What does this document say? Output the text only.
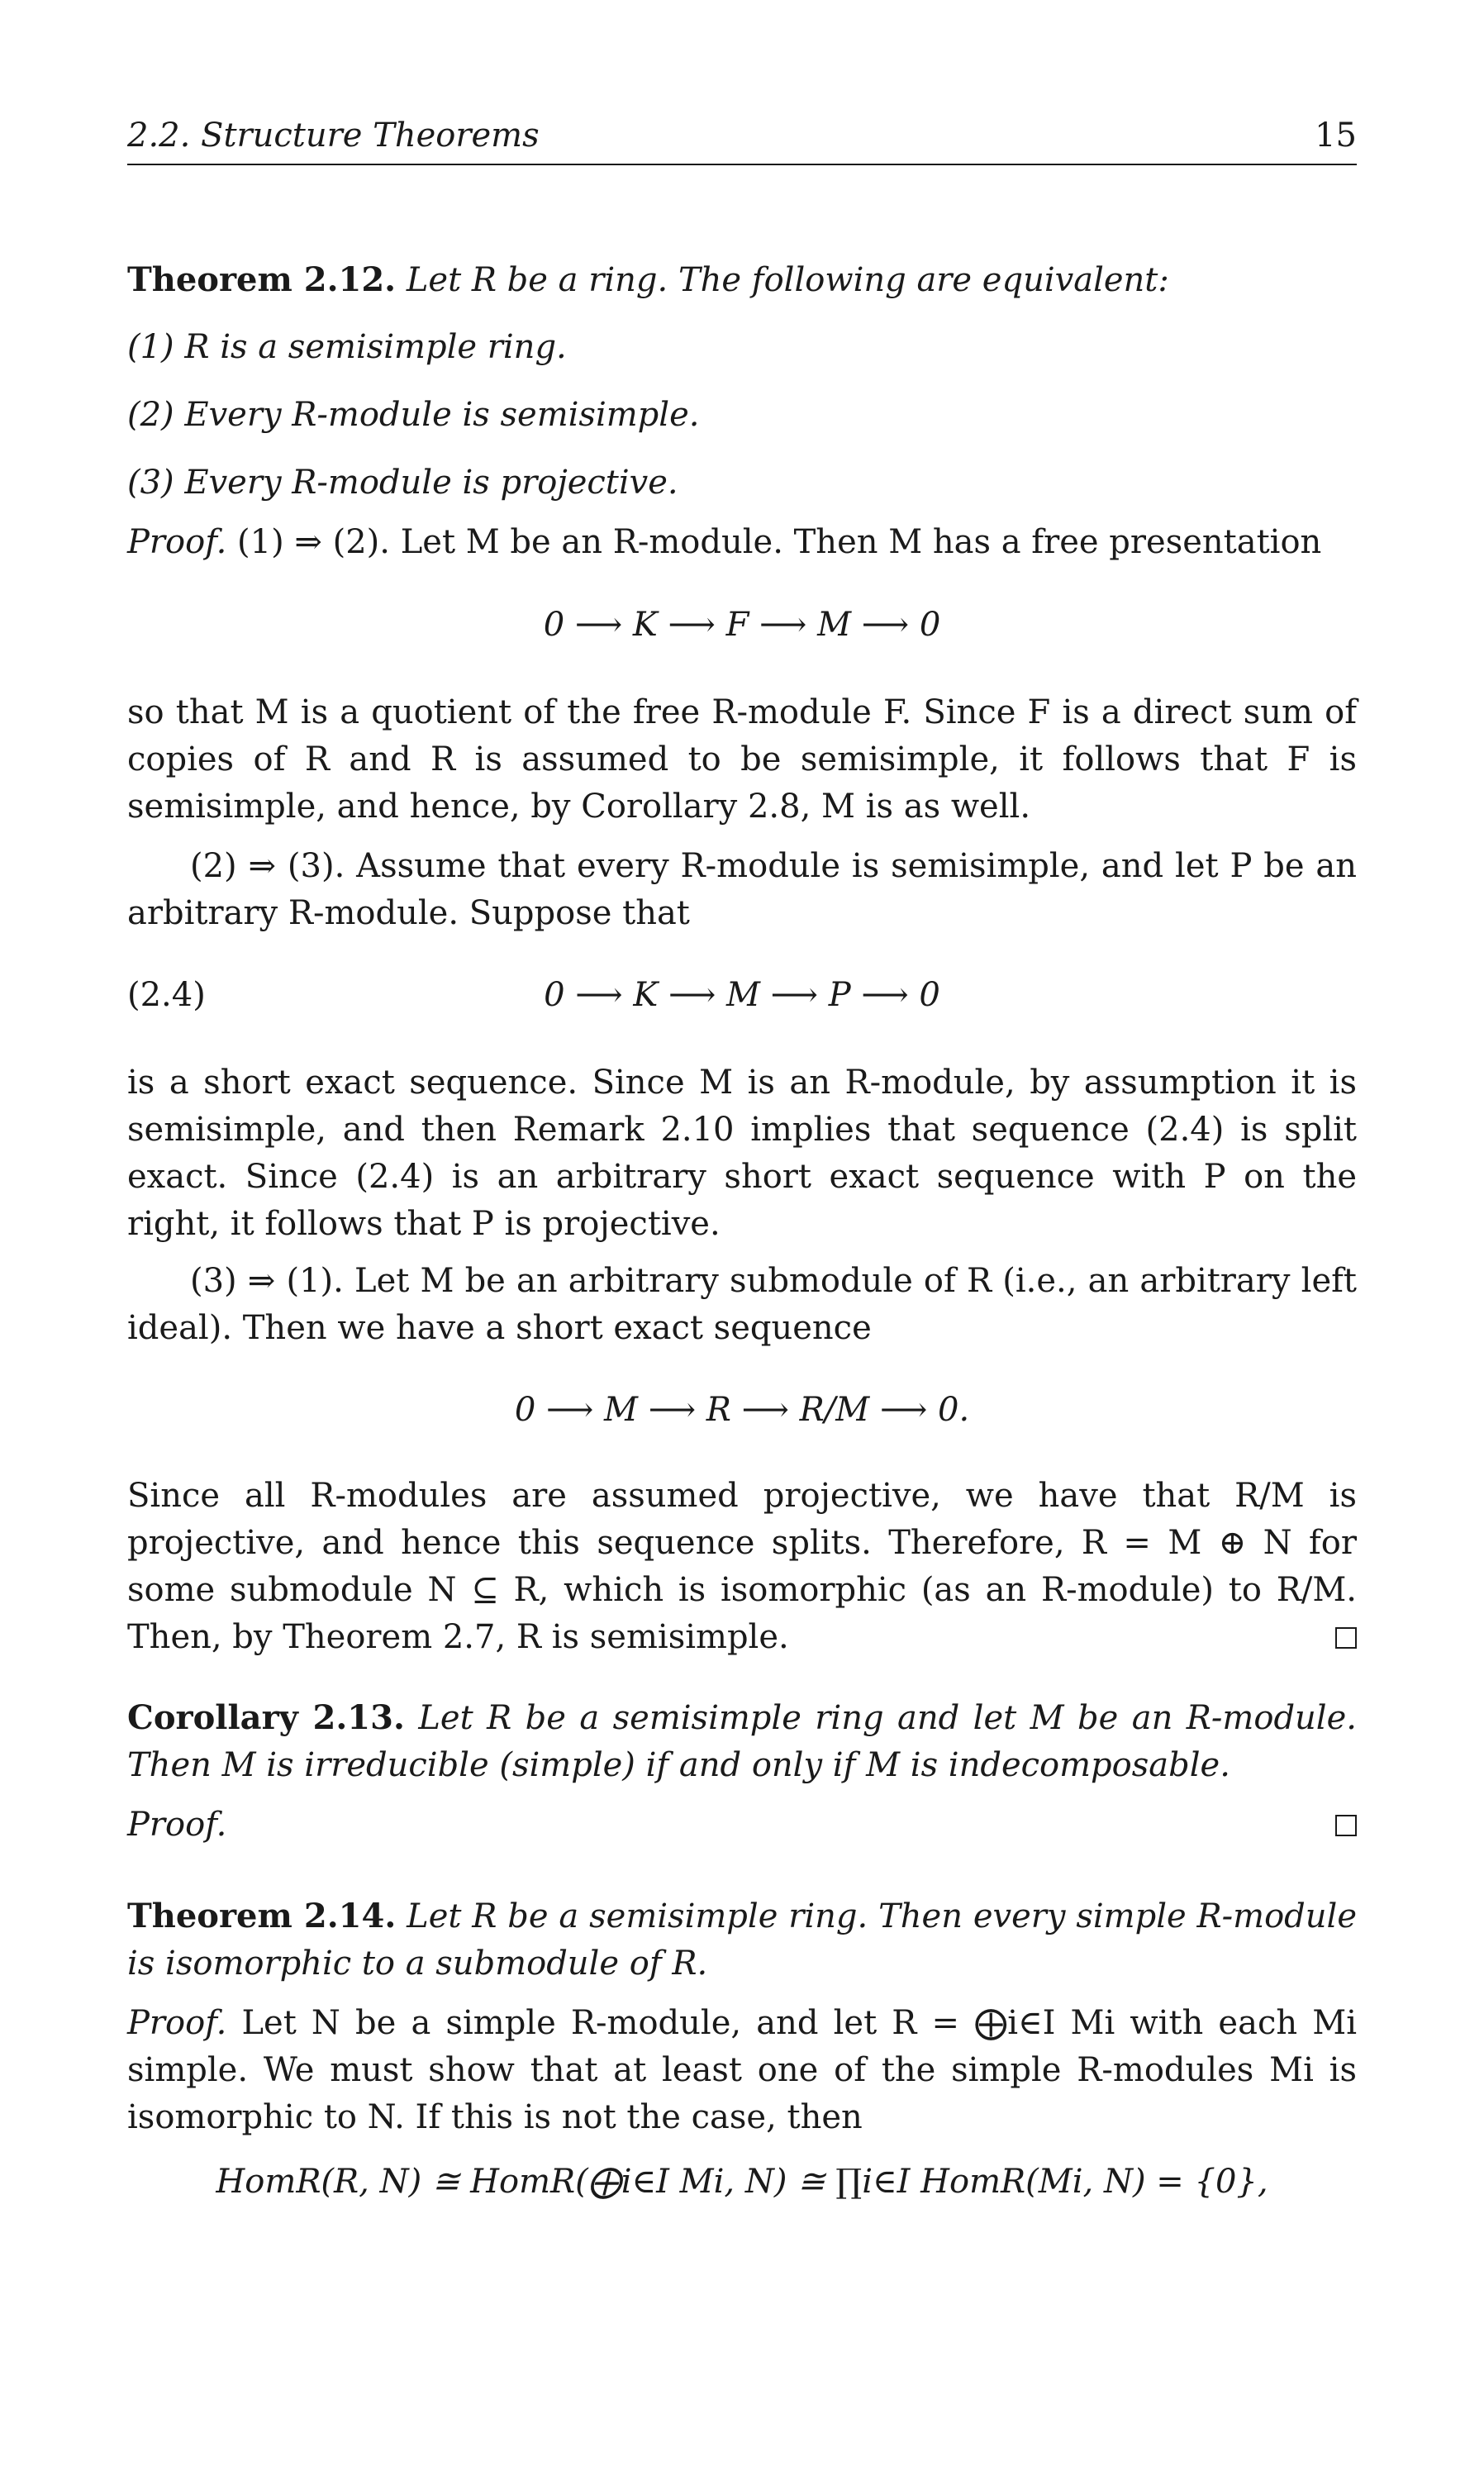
2.2. Structure Theorems	15
Theorem 2.12. Let R be a ring. The following are equivalent:
(1) R is a semisimple ring.
(2) Every R-module is semisimple.
(3) Every R-module is projective.
Proof. (1) ⇒ (2). Let M be an R-module. Then M has a free presentation
0 ⟶ K ⟶ F ⟶ M ⟶ 0
so that M is a quotient of the free R-module F. Since F is a direct sum of copies of R and R is assumed to be semisimple, it follows that F is semisimple, and hence, by Corollary 2.8, M is as well.
(2) ⇒ (3). Assume that every R-module is semisimple, and let P be an arbitrary R-module. Suppose that
(2.4)	0 ⟶ K ⟶ M ⟶ P ⟶ 0
is a short exact sequence. Since M is an R-module, by assumption it is semisimple, and then Remark 2.10 implies that sequence (2.4) is split exact. Since (2.4) is an arbitrary short exact sequence with P on the right, it follows that P is projective.
(3) ⇒ (1). Let M be an arbitrary submodule of R (i.e., an arbitrary left ideal). Then we have a short exact sequence
0 ⟶ M ⟶ R ⟶ R/M ⟶ 0.
Since all R-modules are assumed projective, we have that R/M is projective, and hence this sequence splits. Therefore, R = M ⊕ N for some submodule N ⊆ R, which is isomorphic (as an R-module) to R/M. Then, by Theorem 2.7, R is semisimple.
Corollary 2.13. Let R be a semisimple ring and let M be an R-module. Then M is irreducible (simple) if and only if M is indecomposable.
Proof.
Theorem 2.14. Let R be a semisimple ring. Then every simple R-module is isomorphic to a submodule of R.
Proof. Let N be a simple R-module, and let R = ⨁i∈I Mi with each Mi simple. We must show that at least one of the simple R-modules Mi is isomorphic to N. If this is not the case, then
HomR(R, N) ≅ HomR(⨁i∈I Mi, N) ≅ ∏i∈I HomR(Mi, N) = {0},
